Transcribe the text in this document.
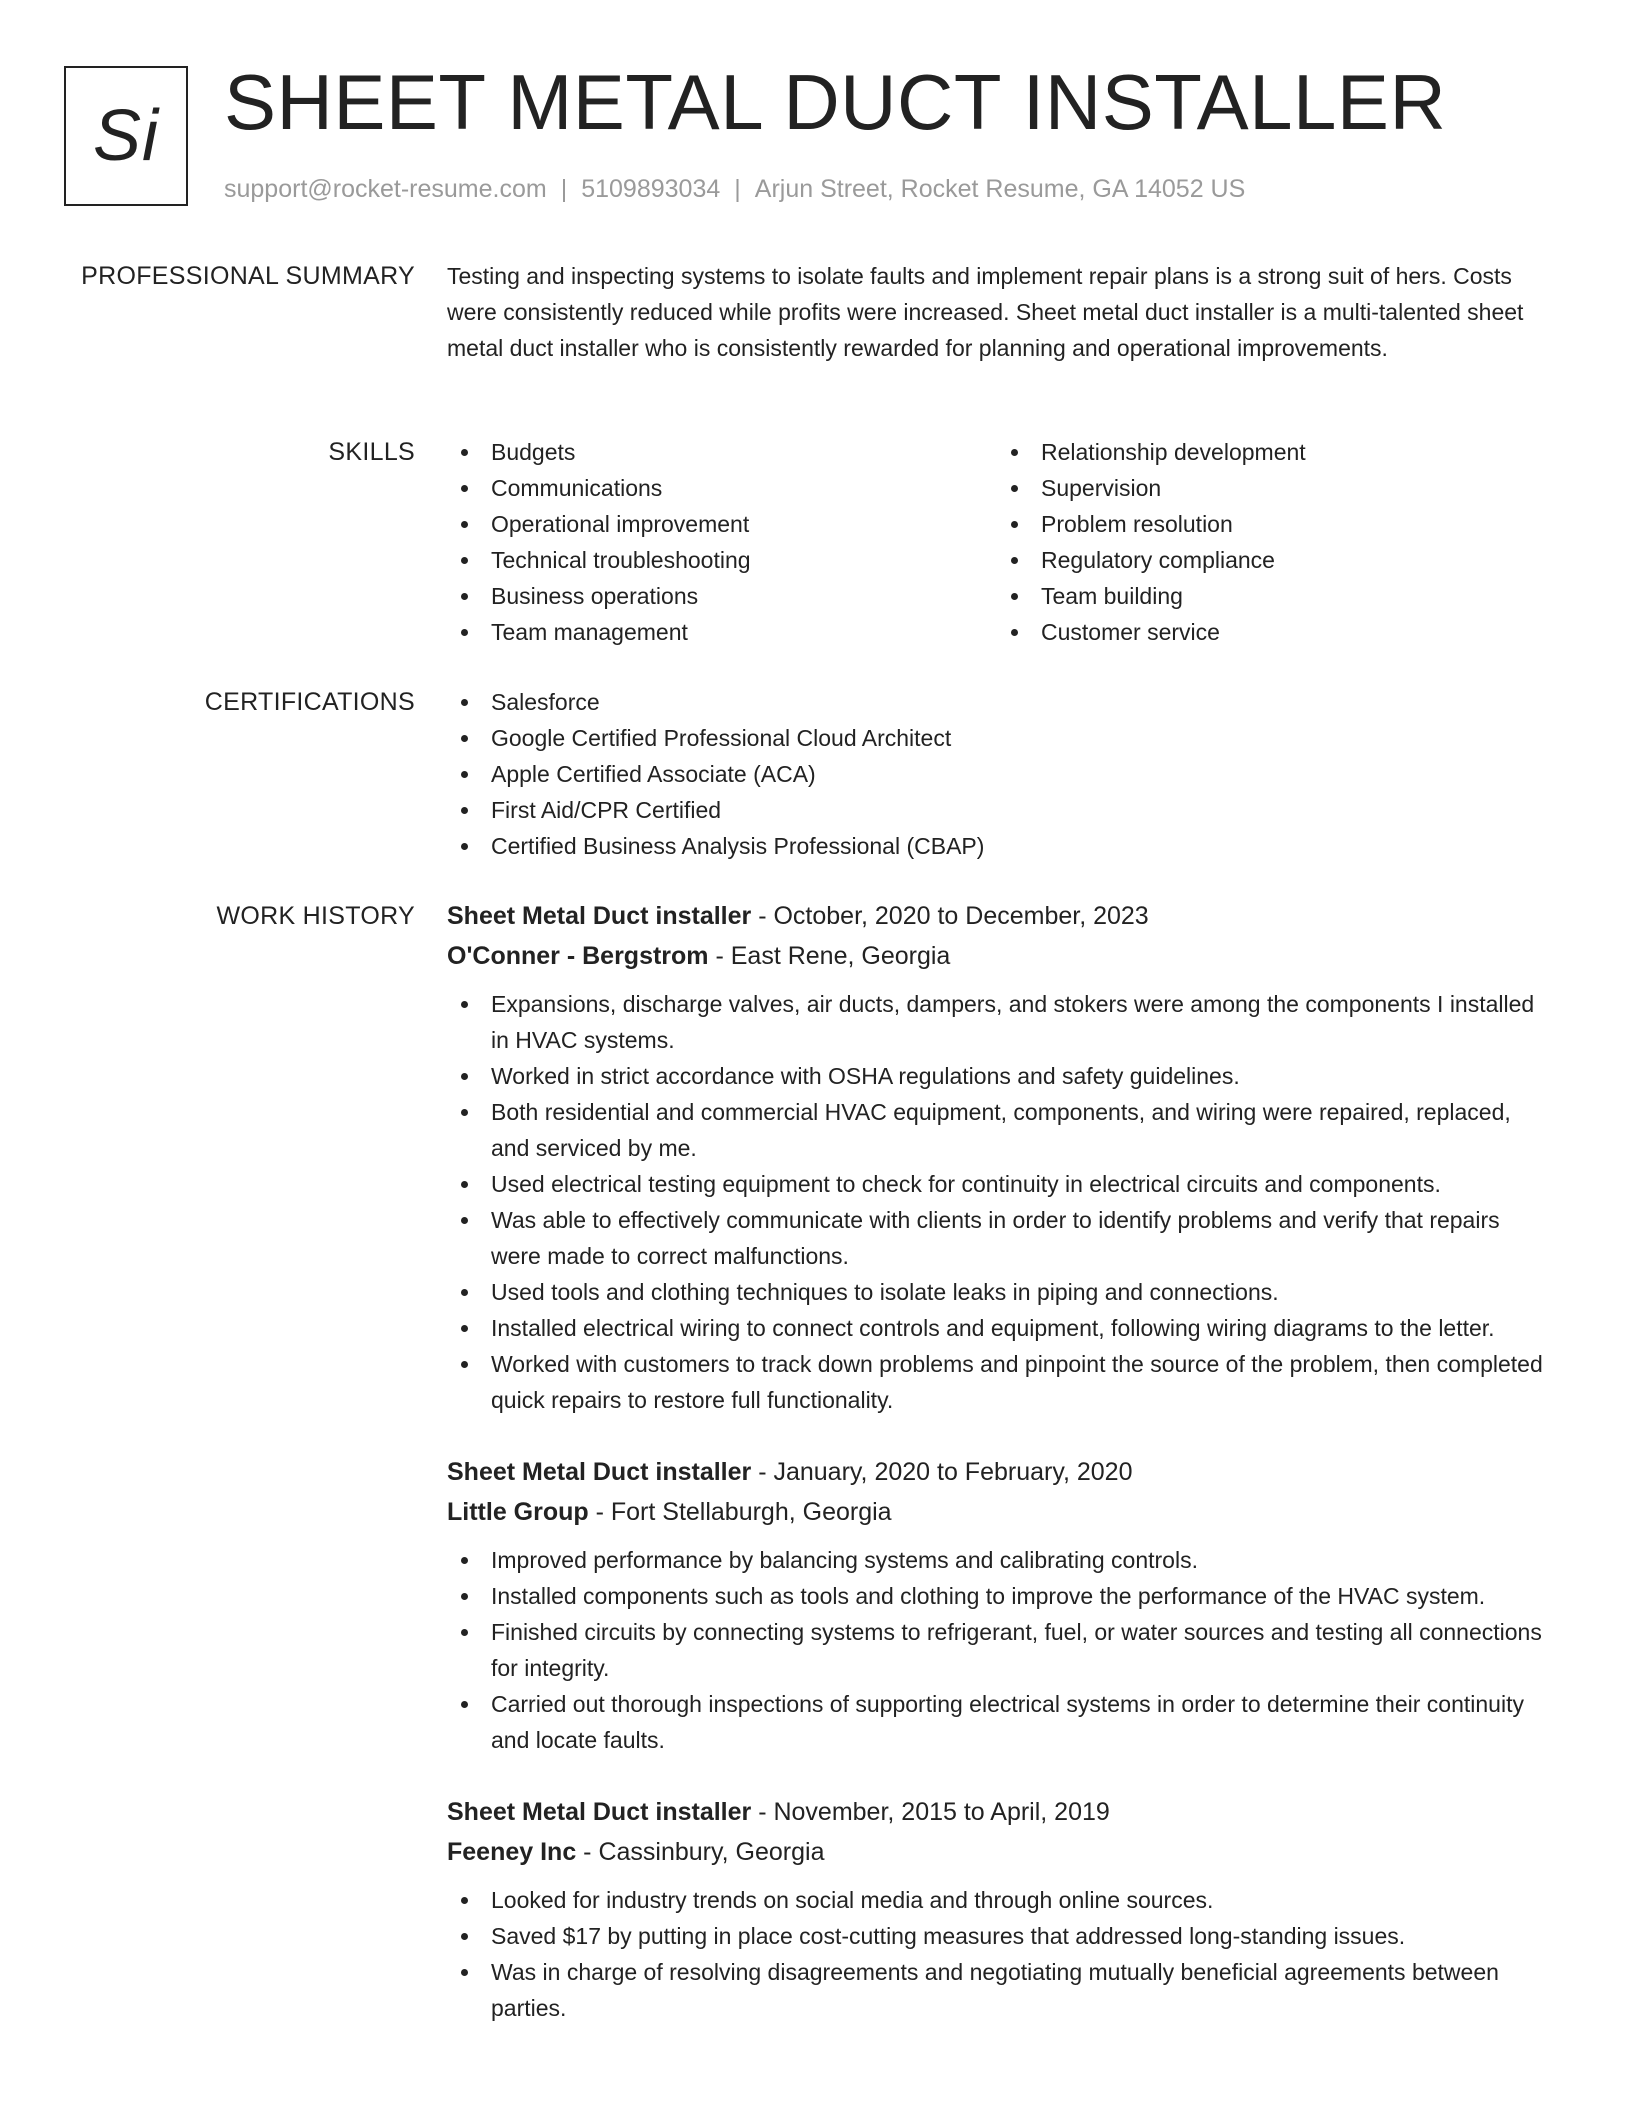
Si SHEET METAL DUCT INSTALLER
support@rocket-resume.com | 5109893034 | Arjun Street, Rocket Resume, GA 14052 US
PROFESSIONAL SUMMARY Testing and inspecting systems to isolate faults and implement repair plans is a strong suit of hers. Costs were consistently reduced while profits were increased. Sheet metal duct installer is a multi-talented sheet metal duct installer who is consistently rewarded for planning and operational improvements.

SKILLS	Budgets
Communications
Operational improvement
Technical troubleshooting
Business operations
Team management
Relationship development
Supervision
Problem resolution
Regulatory compliance
Team building
Customer service
CERTIFICATIONS	Salesforce
Google Certified Professional Cloud Architect
Apple Certified Associate (ACA)
First Aid/CPR Certified
Certified Business Analysis Professional (CBAP)
WORK HISTORY Sheet Metal Duct installer - October, 2020 to December, 2023
O'Conner - Bergstrom - East Rene, Georgia
Expansions, discharge valves, air ducts, dampers, and stokers were among the components I installed in HVAC systems.
Worked in strict accordance with OSHA regulations and safety guidelines.
Both residential and commercial HVAC equipment, components, and wiring were repaired, replaced, and serviced by me.
Used electrical testing equipment to check for continuity in electrical circuits and components.
Was able to effectively communicate with clients in order to identify problems and verify that repairs were made to correct malfunctions.
Used tools and clothing techniques to isolate leaks in piping and connections.
Installed electrical wiring to connect controls and equipment, following wiring diagrams to the letter.
Worked with customers to track down problems and pinpoint the source of the problem, then completed quick repairs to restore full functionality.
Sheet Metal Duct installer - January, 2020 to February, 2020
Little Group - Fort Stellaburgh, Georgia
Improved performance by balancing systems and calibrating controls.
Installed components such as tools and clothing to improve the performance of the HVAC system.
Finished circuits by connecting systems to refrigerant, fuel, or water sources and testing all connections for integrity.
Carried out thorough inspections of supporting electrical systems in order to determine their continuity and locate faults.
Sheet Metal Duct installer - November, 2015 to April, 2019
Feeney Inc - Cassinbury, Georgia
Looked for industry trends on social media and through online sources.
Saved $17 by putting in place cost-cutting measures that addressed long-standing issues.
Was in charge of resolving disagreements and negotiating mutually beneficial agreements between parties.
